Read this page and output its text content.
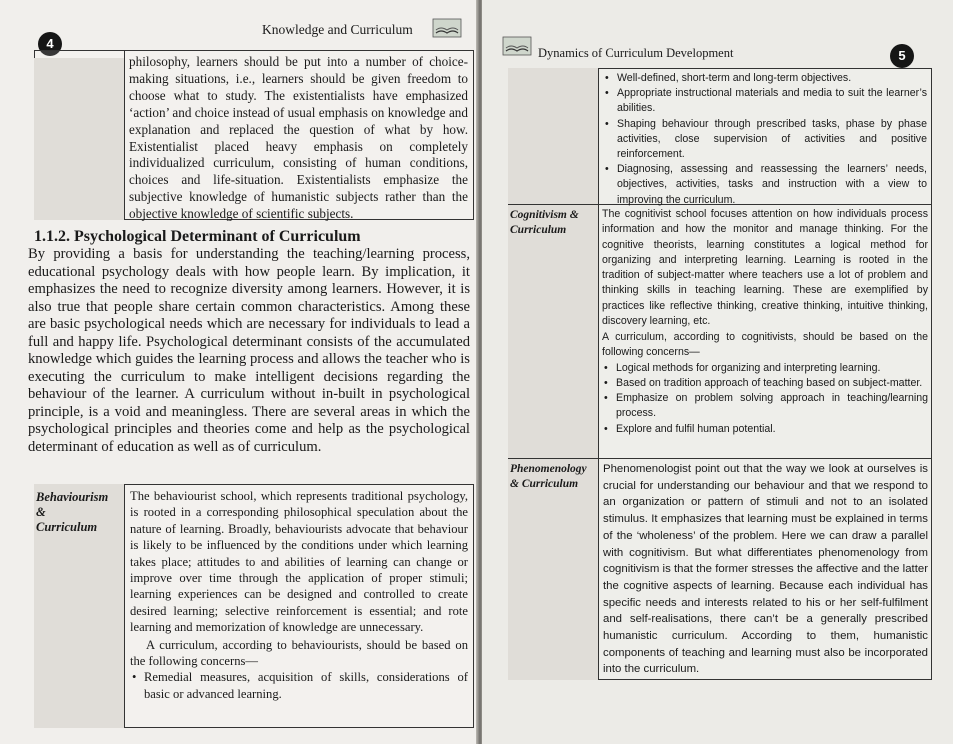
4
Knowledge and Curriculum
philosophy, learners should be put into a number of choice-making situations, i.e., learners should be given freedom to choose what to study. The existentialists have emphasized ‘action’ and choice instead of usual emphasis on knowledge and explanation and replaced the question of what by how. Existentialist placed heavy emphasis on completely individualized curriculum, consisting of human conditions, choices and life-situation. Existentialists emphasize the subjective knowledge of humanistic subjects rather than the objective knowledge of scientific subjects.
1.1.2. Psychological Determinant of Curriculum
By providing a basis for understanding the teaching/learning process, educational psychology deals with how people learn. By implication, it emphasizes the need to recognize diversity among learners. However, it is also true that people share certain common characteristics. Among these are basic psychological needs which are necessary for individuals to lead a full and happy life. Psychological determinant consists of the accumulated knowledge which guides the learning process and allows the teacher who is executing the curriculum to make intelligent decisions regarding the behaviour of the learner. A curriculum without in-built in psychological principle, is a void and meaningless. There are several areas in which the psychological principles and theories come and help as the psychological determinant of education as well as of curriculum.
Behaviourism
&
Curriculum

The behaviourist school, which represents traditional psychology, is rooted in a corresponding philosophical speculation about the nature of learning. Broadly, behaviourists advocate that behaviour is likely to be influenced by the conditions under which learning takes place; attitudes to and abilities of learning can change or improve over time through the application of proper stimuli; learning experiences can be designed and controlled to create desired learning; selective reinforcement is essential; and rote learning and memorization of knowledge are unnecessary.

A curriculum, according to behaviourists, should be based on the following concerns—

• Remedial measures, acquisition of skills, considerations of basic or advanced learning.
Dynamics of Curriculum Development	5
• Well-defined, short-term and long-term objectives.
• Appropriate instructional materials and media to suit the learner’s abilities.
• Shaping behaviour through prescribed tasks, phase by phase activities, close supervision of activities and positive reinforcement.
• Diagnosing, assessing and reassessing the learners’ needs, objectives, activities, tasks and instruction with a view to improving the curriculum.
Cognitivism &
Curriculum

The cognitivist school focuses attention on how individuals process information and how the monitor and manage thinking. For the cognitive theorists, learning constitutes a logical method for organizing and interpreting learning. Learning is rooted in the tradition of subject-matter where teachers use a lot of problem and thinking skills in teaching learning. These are exemplified by practices like reflective thinking, creative thinking, intuitive thinking, discovery learning, etc.

A curriculum, according to cognitivists, should be based on the following concerns—

• Logical methods for organizing and interpreting learning.
• Based on tradition approach of teaching based on subject-matter.
• Emphasize on problem solving approach in teaching/learning process.
• Explore and fulfil human potential.
Phenomenology
& Curriculum

Phenomenologist point out that the way we look at ourselves is crucial for understanding our behaviour and that we respond to an organization or pattern of stimuli and not to an isolated stimulus. It emphasizes that learning must be explained in terms of the ‘wholeness’ of the problem. Here we can draw a parallel with cognitivism. But what differentiates phenomenology from cognitivism is that the former stresses the affective and the latter the cognitive aspects of learning. Because each individual has specific needs and interests related to his or her self-fulfilment and self-realisations, there can’t be a generally prescribed humanistic curriculum. According to them, humanistic components of teaching and learning must also be incorporated into the curriculum.
